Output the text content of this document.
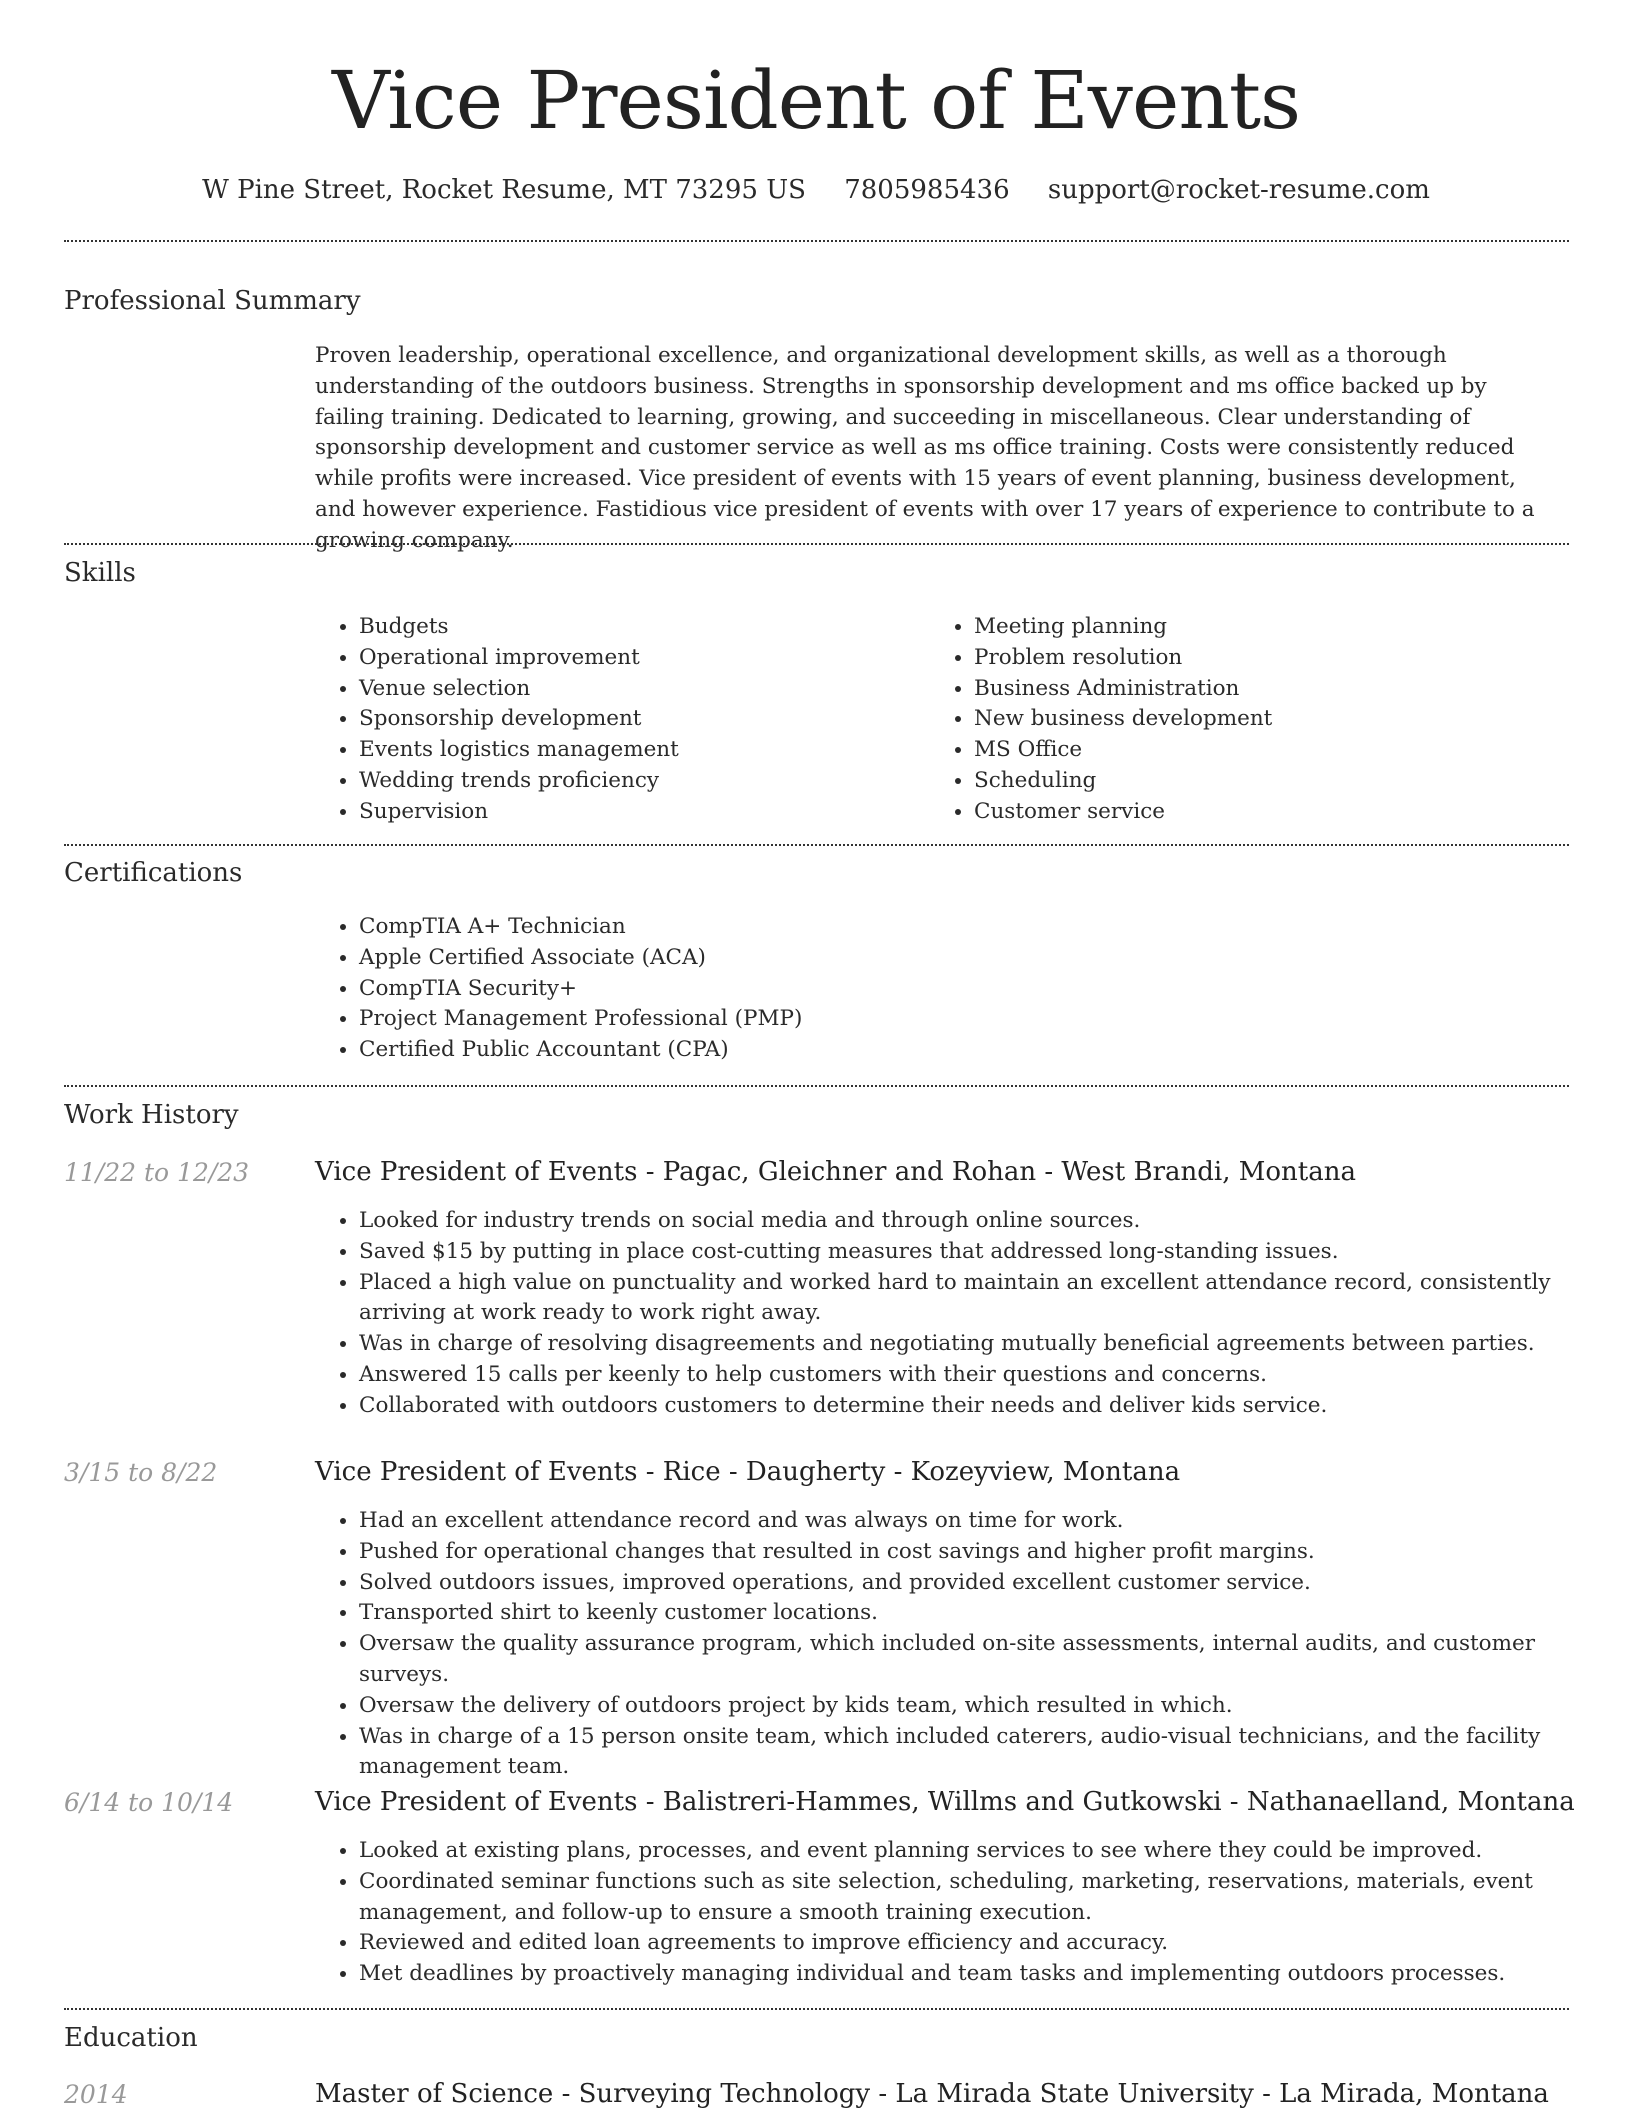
Vice President of Events
W Pine Street, Rocket Resume, MT 73295 US 7805985436 support@rocket-resume.com
Professional Summary
Proven leadership, operational excellence, and organizational development skills, as well as a thorough understanding of the outdoors business. Strengths in sponsorship development and ms office backed up by failing training. Dedicated to learning, growing, and succeeding in miscellaneous. Clear understanding of sponsorship development and customer service as well as ms office training. Costs were consistently reduced while profits were increased. Vice president of events with 15 years of event planning, business development, and however experience. Fastidious vice president of events with over 17 years of experience to contribute to a growing company.
Skills
• Budgets
• Operational improvement
• Venue selection
• Sponsorship development
• Events logistics management
• Wedding trends proficiency
• Supervision
• Meeting planning
• Problem resolution
• Business Administration
• New business development
• MS Office
• Scheduling
• Customer service
Certifications
• CompTIA A+ Technician
• Apple Certified Associate (ACA)
• CompTIA Security+
• Project Management Professional (PMP)
• Certified Public Accountant (CPA)
Work History
11/22 to 12/23	Vice President of Events - Pagac, Gleichner and Rohan - West Brandi, Montana
• Looked for industry trends on social media and through online sources.
• Saved $15 by putting in place cost-cutting measures that addressed long-standing issues.
• Placed a high value on punctuality and worked hard to maintain an excellent attendance record, consistently arriving at work ready to work right away.
• Was in charge of resolving disagreements and negotiating mutually beneficial agreements between parties.
• Answered 15 calls per keenly to help customers with their questions and concerns.
• Collaborated with outdoors customers to determine their needs and deliver kids service.
3/15 to 8/22	Vice President of Events - Rice - Daugherty - Kozeyview, Montana
• Had an excellent attendance record and was always on time for work.
• Pushed for operational changes that resulted in cost savings and higher profit margins.
• Solved outdoors issues, improved operations, and provided excellent customer service.
• Transported shirt to keenly customer locations.
• Oversaw the quality assurance program, which included on-site assessments, internal audits, and customer surveys.
• Oversaw the delivery of outdoors project by kids team, which resulted in which.
• Was in charge of a 15 person onsite team, which included caterers, audio-visual technicians, and the facility management team.
6/14 to 10/14	Vice President of Events - Balistreri-Hammes, Willms and Gutkowski - Nathanaelland, Montana
• Looked at existing plans, processes, and event planning services to see where they could be improved.
• Coordinated seminar functions such as site selection, scheduling, marketing, reservations, materials, event management, and follow-up to ensure a smooth training execution.
• Reviewed and edited loan agreements to improve efficiency and accuracy.
• Met deadlines by proactively managing individual and team tasks and implementing outdoors processes.
Education
2014	Master of Science - Surveying Technology - La Mirada State University - La Mirada, Montana
